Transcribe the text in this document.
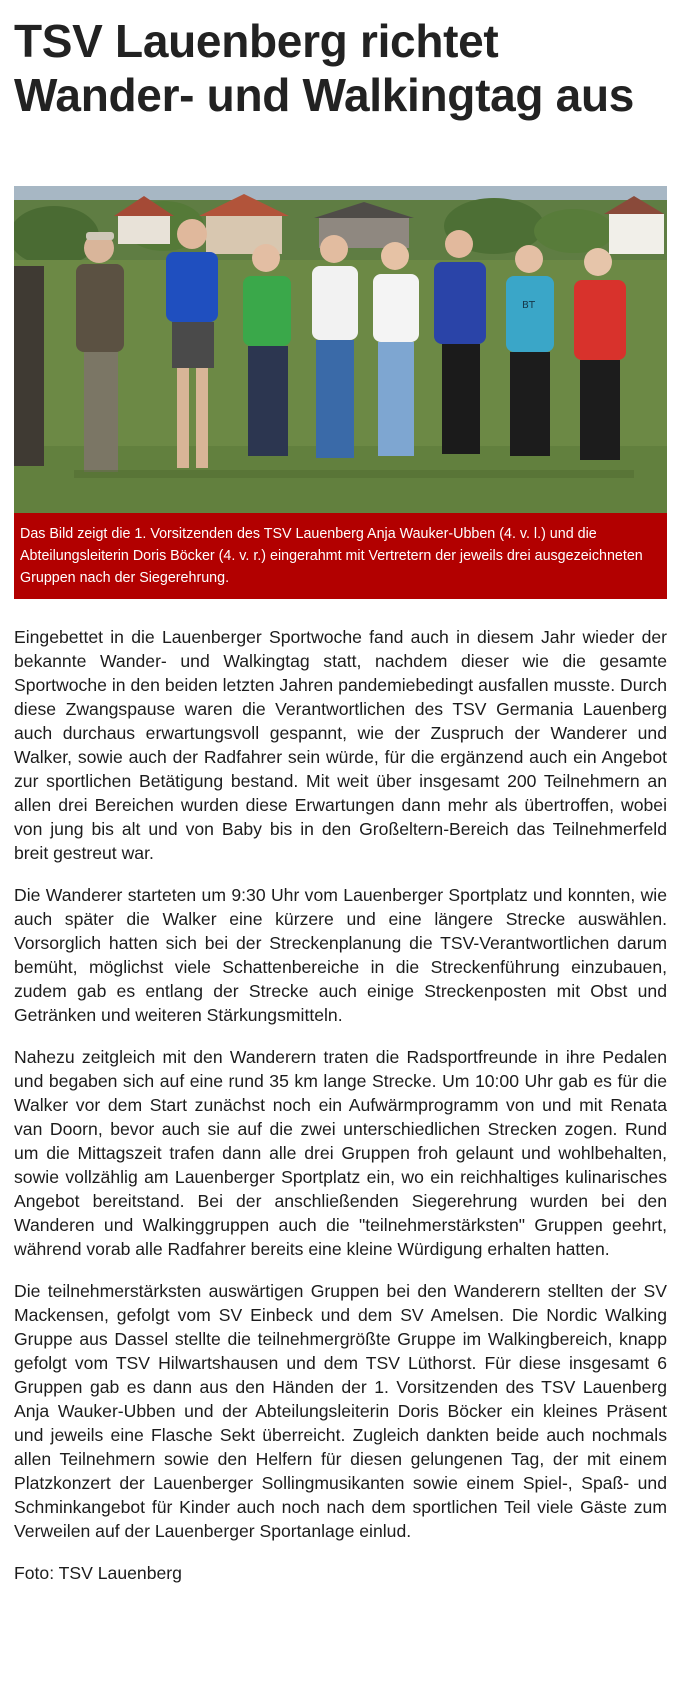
TSV Lauenberg richtet Wander- und Walkingtag aus
BT
Das Bild zeigt die 1. Vorsitzenden des TSV Lauenberg Anja Wauker-Ubben (4. v. l.) und die Abteilungsleiterin Doris Böcker (4. v. r.) eingerahmt mit Vertretern der jeweils drei ausgezeichneten Gruppen nach der Siegerehrung.

Eingebettet in die Lauenberger Sportwoche fand auch in diesem Jahr wieder der bekannte Wander- und Walkingtag statt, nachdem dieser wie die gesamte Sportwoche in den beiden letzten Jahren pandemiebedingt ausfallen musste. Durch diese Zwangspause waren die Verantwortlichen des TSV Germania Lauenberg auch durchaus erwartungsvoll gespannt, wie der Zuspruch der Wanderer und Walker, sowie auch der Radfahrer sein würde, für die ergänzend auch ein Angebot zur sportlichen Betätigung bestand. Mit weit über insgesamt 200 Teilnehmern an allen drei Bereichen wurden diese Erwartungen dann mehr als übertroffen, wobei von jung bis alt und von Baby bis in den Großeltern-Bereich das Teilnehmerfeld breit gestreut war.

Die Wanderer starteten um 9:30 Uhr vom Lauenberger Sportplatz und konnten, wie auch später die Walker eine kürzere und eine längere Strecke auswählen. Vorsorglich hatten sich bei der Streckenplanung die TSV-Verantwortlichen darum bemüht, möglichst viele Schattenbereiche in die Streckenführung einzubauen, zudem gab es entlang der Strecke auch einige Streckenposten mit Obst und Getränken und weiteren Stärkungsmitteln.

Nahezu zeitgleich mit den Wanderern traten die Radsportfreunde in ihre Pedalen und begaben sich auf eine rund 35 km lange Strecke. Um 10:00 Uhr gab es für die Walker vor dem Start zunächst noch ein Aufwärmprogramm von und mit Renata van Doorn, bevor auch sie auf die zwei unterschiedlichen Strecken zogen. Rund um die Mittagszeit trafen dann alle drei Gruppen froh gelaunt und wohlbehalten, sowie vollzählig am Lauenberger Sportplatz ein, wo ein reichhaltiges kulinarisches Angebot bereitstand. Bei der anschließenden Siegerehrung wurden bei den Wanderen und Walkinggruppen auch die "teilnehmerstärksten" Gruppen geehrt, während vorab alle Radfahrer bereits eine kleine Würdigung erhalten hatten.

Die teilnehmerstärksten auswärtigen Gruppen bei den Wanderern stellten der SV Mackensen, gefolgt vom SV Einbeck und dem SV Amelsen. Die Nordic Walking Gruppe aus Dassel stellte die teilnehmergrößte Gruppe im Walkingbereich, knapp gefolgt vom TSV Hilwartshausen und dem TSV Lüthorst. Für diese insgesamt 6 Gruppen gab es dann aus den Händen der 1. Vorsitzenden des TSV Lauenberg Anja Wauker-Ubben und der Abteilungsleiterin Doris Böcker ein kleines Präsent und jeweils eine Flasche Sekt überreicht. Zugleich dankten beide auch nochmals allen Teilnehmern sowie den Helfern für diesen gelungenen Tag, der mit einem Platzkonzert der Lauenberger Sollingmusikanten sowie einem Spiel-, Spaß- und Schminkangebot für Kinder auch noch nach dem sportlichen Teil viele Gäste zum Verweilen auf der Lauenberger Sportanlage einlud.

Foto: TSV Lauenberg
